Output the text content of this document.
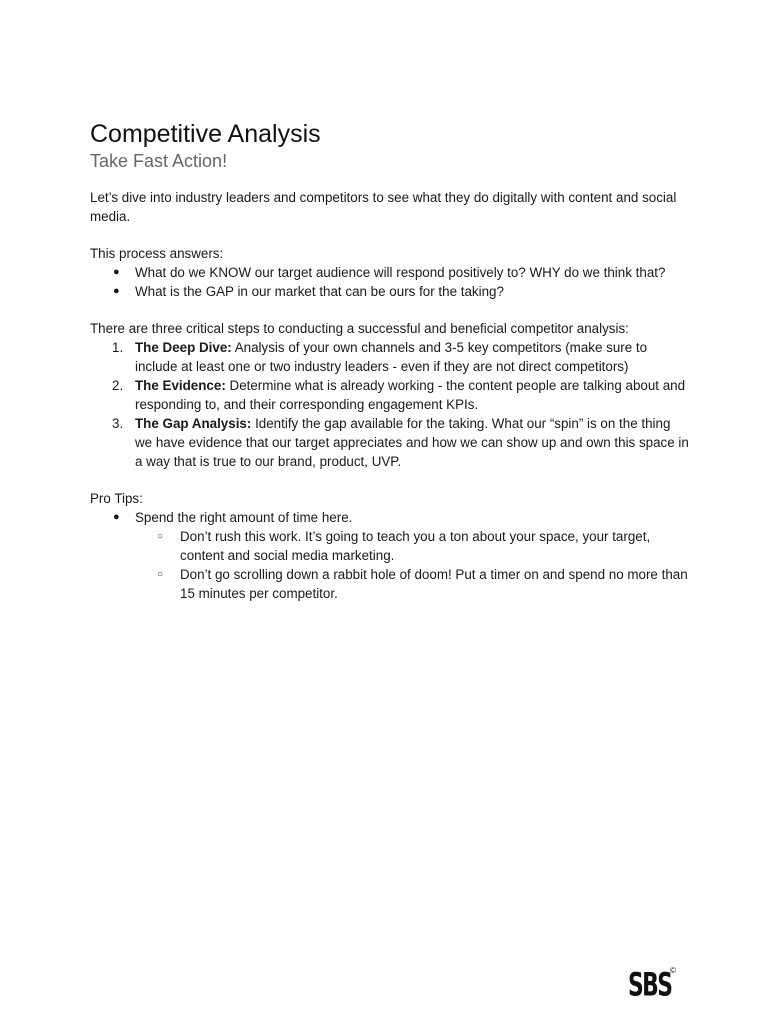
Competitive Analysis
Take Fast Action!

Let’s dive into industry leaders and competitors to see what they do digitally with content and social media.

This process answers:

● What do we KNOW our target audience will respond positively to? WHY do we think that?
● What is the GAP in our market that can be ours for the taking?

There are three critical steps to conducting a successful and beneficial competitor analysis:

1. The Deep Dive: Analysis of your own channels and 3-5 key competitors (make sure to include at least one or two industry leaders - even if they are not direct competitors)
2. The Evidence: Determine what is already working - the content people are talking about and responding to, and their corresponding engagement KPIs.
3. The Gap Analysis: Identify the gap available for the taking. What our “spin” is on the thing we have evidence that our target appreciates and how we can show up and own this space in a way that is true to our brand, product, UVP.

Pro Tips:

● Spend the right amount of time here.
○ Don’t rush this work. It’s going to teach you a ton about your space, your target, content and social media marketing.
○ Don’t go scrolling down a rabbit hole of doom! Put a timer on and spend no more than 15 minutes per competitor.
SBS
©
